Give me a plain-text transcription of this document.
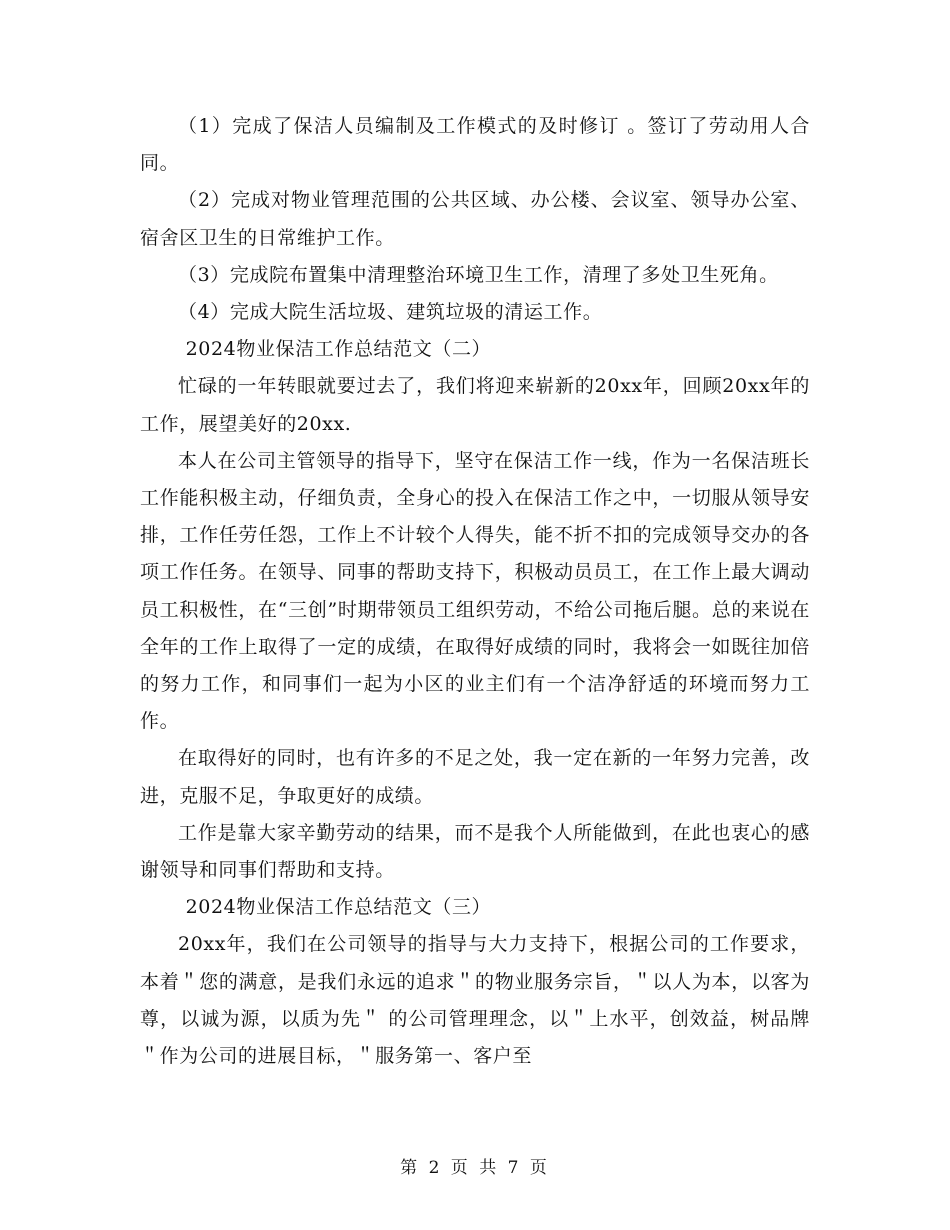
（1）完成了保洁人员编制及工作模式的及时修订 。签订了劳动用人合同。

（2）完成对物业管理范围的公共区域、办公楼、会议室、领导办公室、宿舍区卫生的日常维护工作。

（3）完成院布置集中清理整治环境卫生工作，清理了多处卫生死角。

（4）完成大院生活垃圾、建筑垃圾的清运工作。

2024物业保洁工作总结范文（二）

忙碌的一年转眼就要过去了，我们将迎来崭新的20xx年，回顾20xx年的工作，展望美好的20xx.

本人在公司主管领导的指导下，坚守在保洁工作一线，作为一名保洁班长工作能积极主动，仔细负责，全身心的投入在保洁工作之中，一切服从领导安排，工作任劳任怨，工作上不计较个人得失，能不折不扣的完成领导交办的各项工作任务。在领导、同事的帮助支持下，积极动员员工，在工作上最大调动员工积极性，在“三创”时期带领员工组织劳动，不给公司拖后腿。总的来说在全年的工作上取得了一定的成绩，在取得好成绩的同时，我将会一如既往加倍的努力工作，和同事们一起为小区的业主们有一个洁净舒适的环境而努力工作。

在取得好的同时，也有许多的不足之处，我一定在新的一年努力完善，改进，克服不足，争取更好的成绩。

工作是靠大家辛勤劳动的结果，而不是我个人所能做到，在此也衷心的感谢领导和同事们帮助和支持。

2024物业保洁工作总结范文（三）

20xx年，我们在公司领导的指导与大力支持下，根据公司的工作要求，本着＂您的满意，是我们永远的追求＂的物业服务宗旨，＂以人为本，以客为尊，以诚为源，以质为先＂ 的公司管理理念，以＂上水平，创效益，树品牌＂作为公司的进展目标，＂服务第一、客户至

第 2 页 共 7 页
